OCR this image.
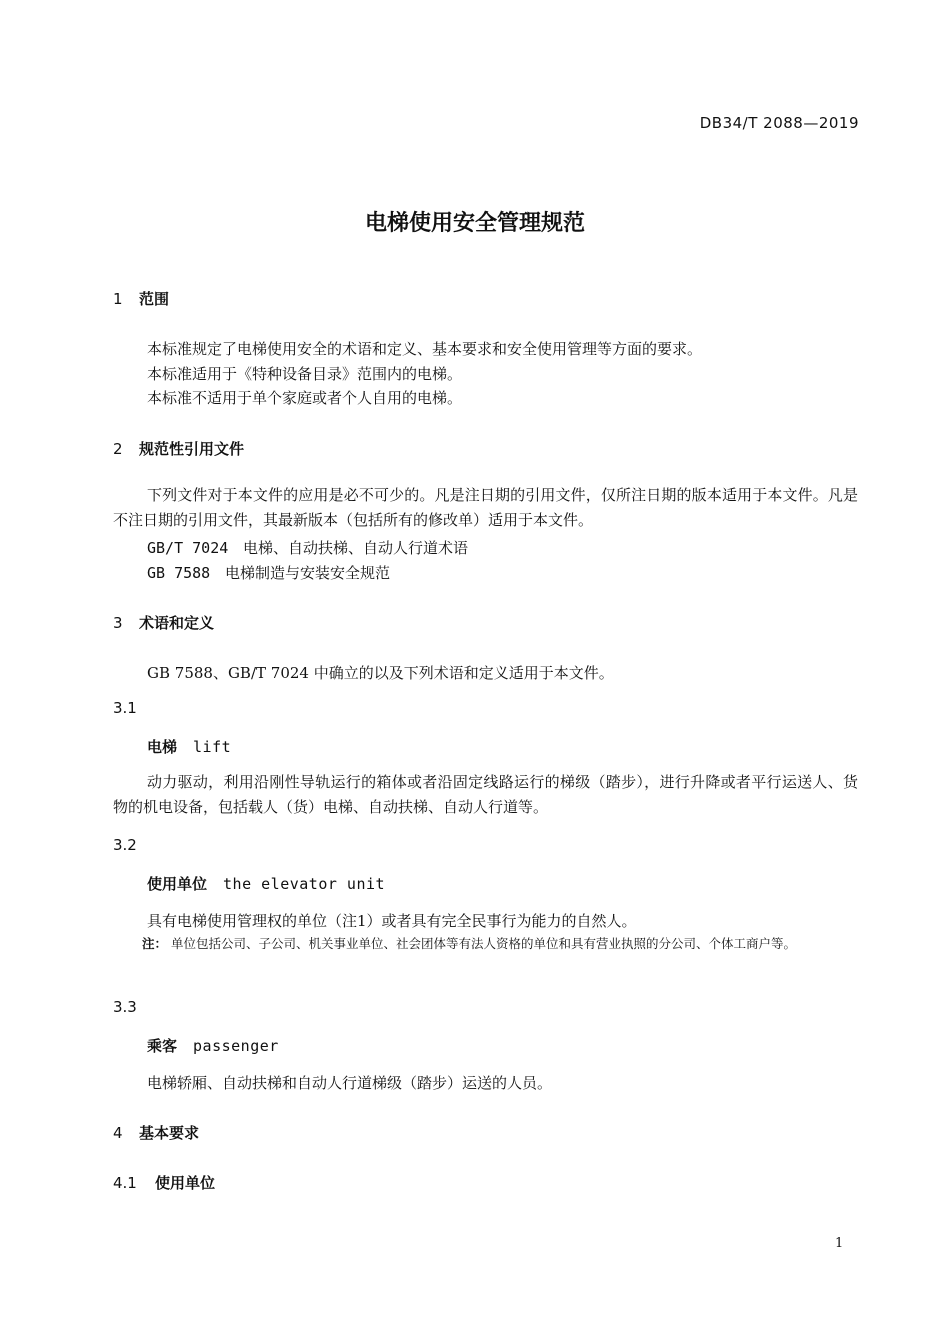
DB34/T 2088—2019
电梯使用安全管理规范
1 范围
本标准规定了电梯使用安全的术语和定义、基本要求和安全使用管理等方面的要求。
本标准适用于《特种设备目录》范围内的电梯。
本标准不适用于单个家庭或者个人自用的电梯。
2 规范性引用文件
下列文件对于本文件的应用是必不可少的。凡是注日期的引用文件，仅所注日期的版本适用于本文件。凡是不注日期的引用文件，其最新版本（包括所有的修改单）适用于本文件。
GB/T 7024 电梯、自动扶梯、自动人行道术语
GB 7588 电梯制造与安装安全规范
3 术语和定义
GB 7588、GB/T 7024 中确立的以及下列术语和定义适用于本文件。
3.1
电梯 lift
动力驱动，利用沿刚性导轨运行的箱体或者沿固定线路运行的梯级（踏步），进行升降或者平行运送人、货物的机电设备，包括载人（货）电梯、自动扶梯、自动人行道等。
3.2
使用单位 the elevator unit
具有电梯使用管理权的单位（注1）或者具有完全民事行为能力的自然人。
注： 单位包括公司、子公司、机关事业单位、社会团体等有法人资格的单位和具有营业执照的分公司、个体工商户等。
3.3
乘客 passenger
电梯轿厢、自动扶梯和自动人行道梯级（踏步）运送的人员。
4 基本要求
4.1 使用单位
1
